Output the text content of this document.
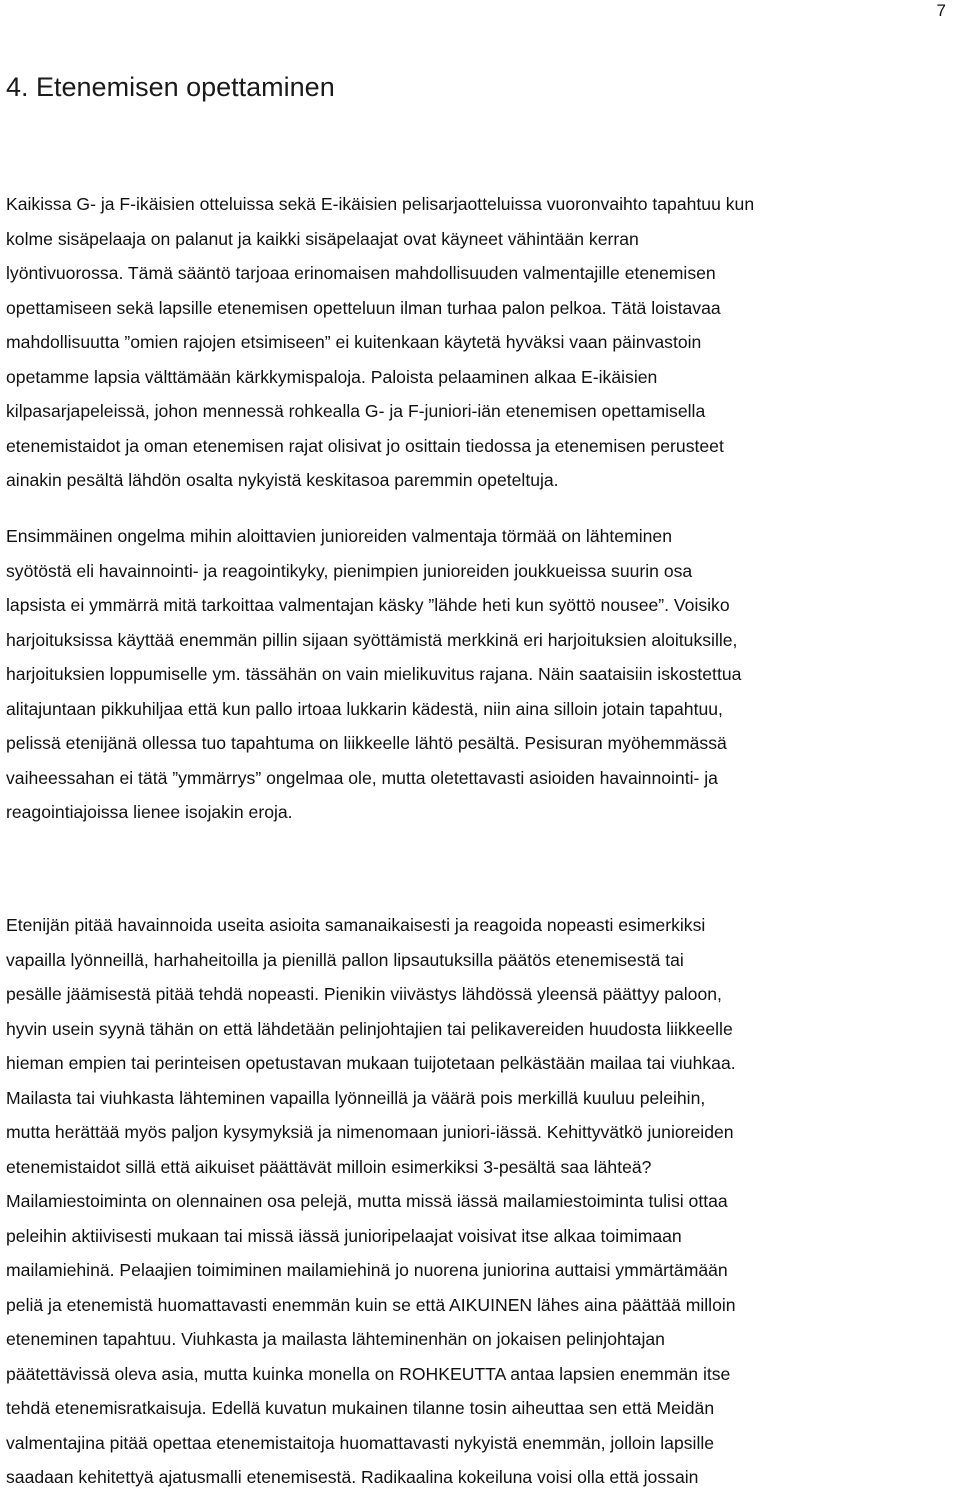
7
4. Etenemisen opettaminen
Kaikissa G- ja F-ikäisien otteluissa sekä E-ikäisien pelisarjaotteluissa vuoronvaihto tapahtuu kun
kolme sisäpelaaja on palanut ja kaikki sisäpelaajat ovat käyneet vähintään kerran
lyöntivuorossa. Tämä sääntö tarjoaa erinomaisen mahdollisuuden valmentajille etenemisen
opettamiseen sekä lapsille etenemisen opetteluun ilman turhaa palon pelkoa. Tätä loistavaa
mahdollisuutta ”omien rajojen etsimiseen” ei kuitenkaan käytetä hyväksi vaan päinvastoin
opetamme lapsia välttämään kärkkymispaloja. Paloista pelaaminen alkaa E-ikäisien
kilpasarjapeleissä, johon mennessä rohkealla G- ja F-juniori-iän etenemisen opettamisella
etenemistaidot ja oman etenemisen rajat olisivat jo osittain tiedossa ja etenemisen perusteet
ainakin pesältä lähdön osalta nykyistä keskitasoa paremmin opeteltuja.
Ensimmäinen ongelma mihin aloittavien junioreiden valmentaja törmää on lähteminen
syötöstä eli havainnointi- ja reagointikyky, pienimpien junioreiden joukkueissa suurin osa
lapsista ei ymmärrä mitä tarkoittaa valmentajan käsky ”lähde heti kun syöttö nousee”. Voisiko
harjoituksissa käyttää enemmän pillin sijaan syöttämistä merkkinä eri harjoituksien aloituksille,
harjoituksien loppumiselle ym. tässähän on vain mielikuvitus rajana. Näin saataisiin iskostettua
alitajuntaan pikkuhiljaa että kun pallo irtoaa lukkarin kädestä, niin aina silloin jotain tapahtuu,
pelissä etenijänä ollessa tuo tapahtuma on liikkeelle lähtö pesältä. Pesisuran myöhemmässä
vaiheessahan ei tätä ”ymmärrys” ongelmaa ole, mutta oletettavasti asioiden havainnointi- ja
reagointiajoissa lienee isojakin eroja.
Etenijän pitää havainnoida useita asioita samanaikaisesti ja reagoida nopeasti esimerkiksi
vapailla lyönneillä, harhaheitoilla ja pienillä pallon lipsautuksilla päätös etenemisestä tai
pesälle jäämisestä pitää tehdä nopeasti. Pienikin viivästys lähdössä yleensä päättyy paloon,
hyvin usein syynä tähän on että lähdetään pelinjohtajien tai pelikavereiden huudosta liikkeelle
hieman empien tai perinteisen opetustavan mukaan tuijotetaan pelkästään mailaa tai viuhkaa.
Mailasta tai viuhkasta lähteminen vapailla lyönneillä ja väärä pois merkillä kuuluu peleihin,
mutta herättää myös paljon kysymyksiä ja nimenomaan juniori-iässä. Kehittyvätkö junioreiden
etenemistaidot sillä että aikuiset päättävät milloin esimerkiksi 3-pesältä saa lähteä?
Mailamiestoiminta on olennainen osa pelejä, mutta missä iässä mailamiestoiminta tulisi ottaa
peleihin aktiivisesti mukaan tai missä iässä junioripelaajat voisivat itse alkaa toimimaan
mailamiehinä. Pelaajien toimiminen mailamiehinä jo nuorena juniorina auttaisi ymmärtämään
peliä ja etenemistä huomattavasti enemmän kuin se että AIKUINEN lähes aina päättää milloin
eteneminen tapahtuu. Viuhkasta ja mailasta lähteminenhän on jokaisen pelinjohtajan
päätettävissä oleva asia, mutta kuinka monella on ROHKEUTTA antaa lapsien enemmän itse
tehdä etenemisratkaisuja. Edellä kuvatun mukainen tilanne tosin aiheuttaa sen että Meidän
valmentajina pitää opettaa etenemistaitoja huomattavasti nykyistä enemmän, jolloin lapsille
saadaan kehitettyä ajatusmalli etenemisestä. Radikaalina kokeiluna voisi olla että jossain
